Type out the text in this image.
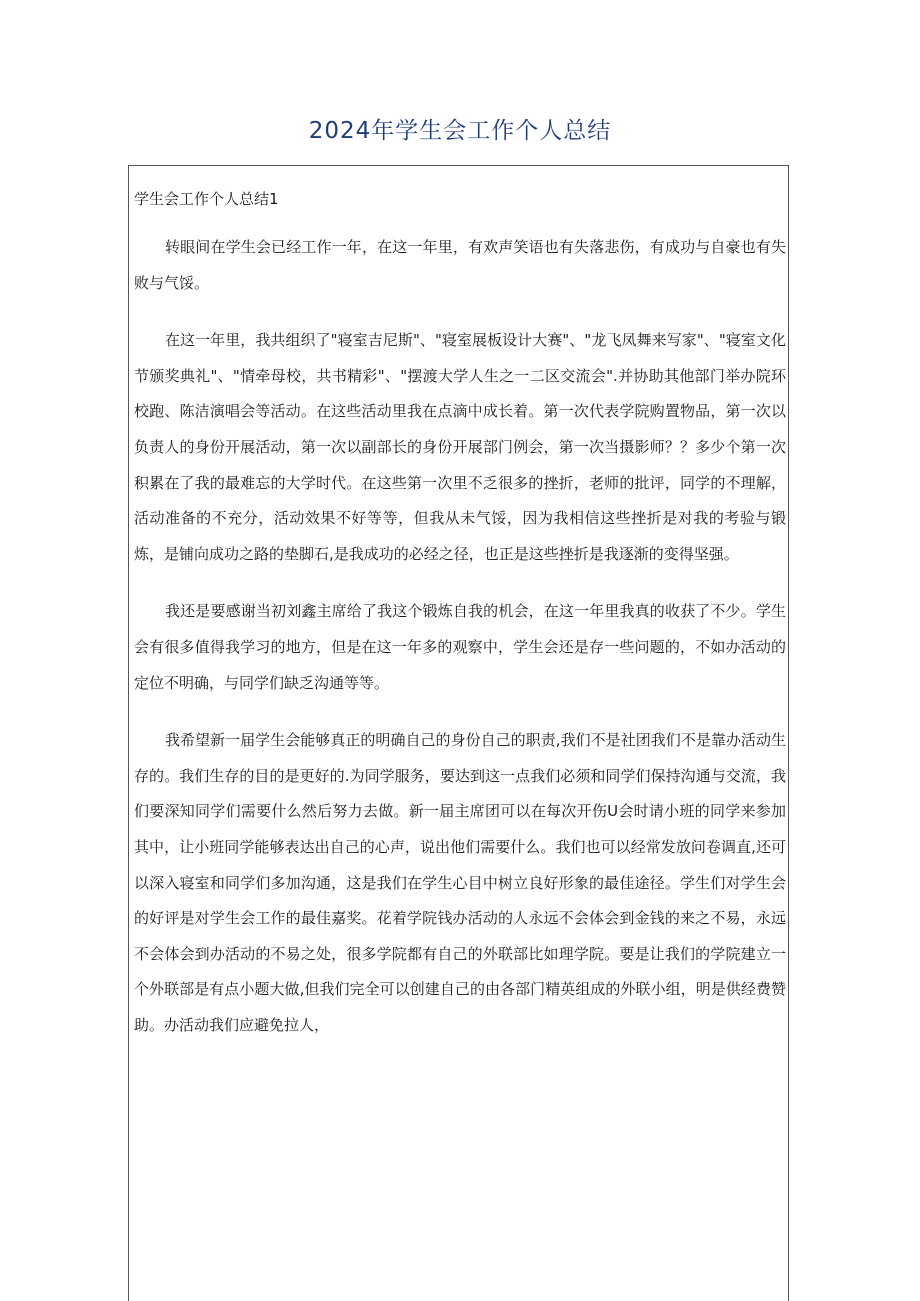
2024年学生会工作个人总结
学生会工作个人总结1

转眼间在学生会已经工作一年，在这一年里，有欢声笑语也有失落悲伤，有成功与自豪也有失败与气馁。

在这一年里，我共组织了"寝室吉尼斯"、"寝室展板设计大赛"、"龙飞凤舞来写家"、"寝室文化节颁奖典礼"、"情牵母校，共书精彩"、"摆渡大学人生之一二区交流会".并协助其他部门举办院环校跑、陈洁演唱会等活动。在这些活动里我在点滴中成长着。第一次代表学院购置物品，第一次以负责人的身份开展活动，第一次以副部长的身份开展部门例会，第一次当摄影师？？多少个第一次积累在了我的最难忘的大学时代。在这些第一次里不乏很多的挫折，老师的批评，同学的不理解，活动准备的不充分，活动效果不好等等，但我从未气馁，因为我相信这些挫折是对我的考验与锻炼，是铺向成功之路的垫脚石,是我成功的必经之径，也正是这些挫折是我逐渐的变得坚强。

我还是要感谢当初刘鑫主席给了我这个锻炼自我的机会，在这一年里我真的收获了不少。学生会有很多值得我学习的地方，但是在这一年多的观察中，学生会还是存一些问题的，不如办活动的定位不明确，与同学们缺乏沟通等等。

我希望新一届学生会能够真正的明确自己的身份自己的职责,我们不是社团我们不是靠办活动生存的。我们生存的目的是更好的.为同学服务，要达到这一点我们必须和同学们保持沟通与交流，我们要深知同学们需要什么然后努力去做。新一届主席团可以在每次开伤U会时请小班的同学来参加其中，让小班同学能够表达出自己的心声，说出他们需要什么。我们也可以经常发放问卷调直,还可以深入寝室和同学们多加沟通，这是我们在学生心目中树立良好形象的最佳途径。学生们对学生会的好评是对学生会工作的最佳嘉奖。花着学院钱办活动的人永远不会体会到金钱的来之不易，永远不会体会到办活动的不易之处，很多学院都有自己的外联部比如理学院。要是让我们的学院建立一个外联部是有点小题大做,但我们完全可以创建自己的由各部门精英组成的外联小组，明是供经费赞助。办活动我们应避免拉人，
